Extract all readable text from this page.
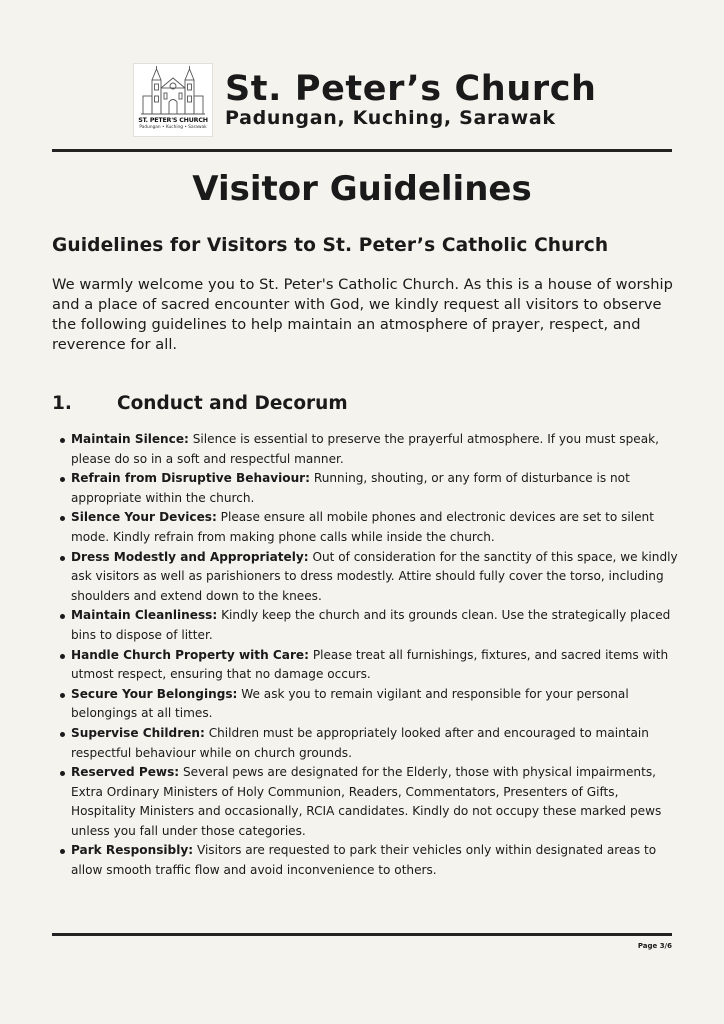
ST. PETER'S CHURCH
Padungan • Kuching • Sarawak
St. Peter’s Church
Padungan, Kuching, Sarawak
Visitor Guidelines
Guidelines for Visitors to St. Peter’s Catholic Church
We warmly welcome you to St. Peter's Catholic Church. As this is a house of worship and a place of sacred encounter with God, we kindly request all visitors to observe the following guidelines to help maintain an atmosphere of prayer, respect, and reverence for all.
1. Conduct and Decorum
Maintain Silence: Silence is essential to preserve the prayerful atmosphere. If you must speak, please do so in a soft and respectful manner.
Refrain from Disruptive Behaviour: Running, shouting, or any form of disturbance is not appropriate within the church.
Silence Your Devices: Please ensure all mobile phones and electronic devices are set to silent mode. Kindly refrain from making phone calls while inside the church.
Dress Modestly and Appropriately: Out of consideration for the sanctity of this space, we kindly ask visitors as well as parishioners to dress modestly. Attire should fully cover the torso, including shoulders and extend down to the knees.
Maintain Cleanliness: Kindly keep the church and its grounds clean. Use the strategically placed bins to dispose of litter.
Handle Church Property with Care: Please treat all furnishings, fixtures, and sacred items with utmost respect, ensuring that no damage occurs.
Secure Your Belongings: We ask you to remain vigilant and responsible for your personal belongings at all times.
Supervise Children: Children must be appropriately looked after and encouraged to maintain respectful behaviour while on church grounds.
Reserved Pews: Several pews are designated for the Elderly, those with physical impairments, Extra Ordinary Ministers of Holy Communion, Readers, Commentators, Presenters of Gifts, Hospitality Ministers and occasionally, RCIA candidates. Kindly do not occupy these marked pews unless you fall under those categories.
Park Responsibly: Visitors are requested to park their vehicles only within designated areas to allow smooth traffic flow and avoid inconvenience to others.
Page 3/6
